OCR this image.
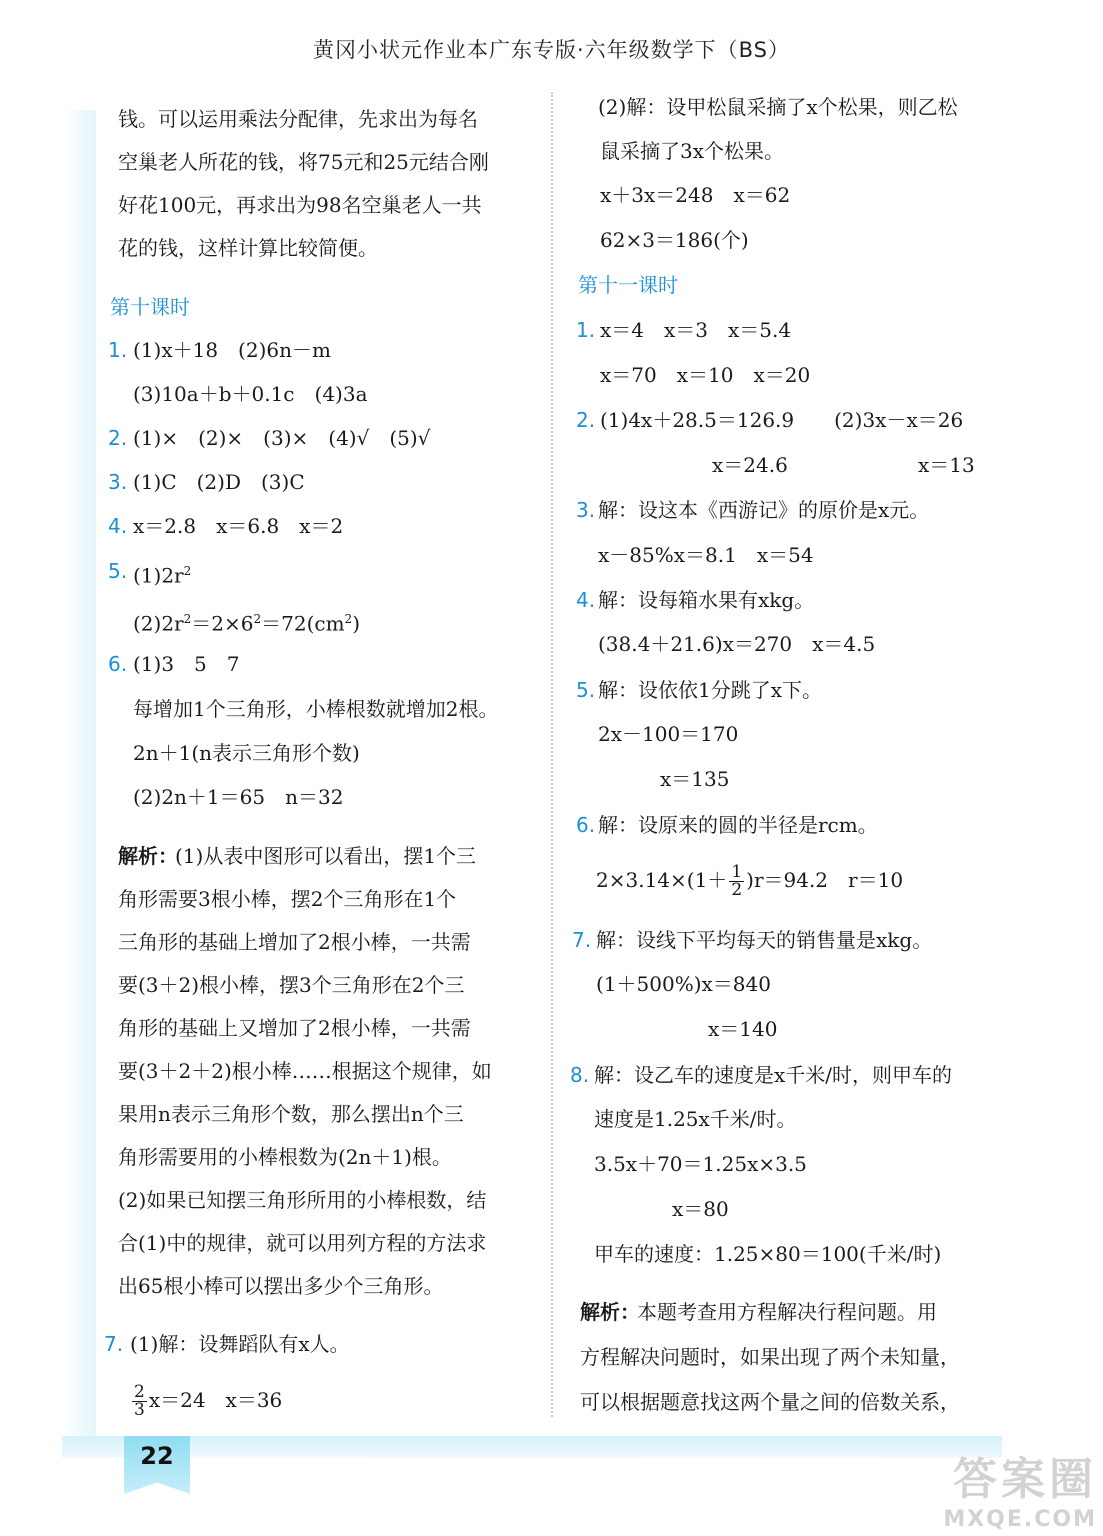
黄冈小状元作业本广东专版·六年级数学下（BS）
钱。可以运用乘法分配律，先求出为每名
空巢老人所花的钱，将75元和25元结合刚
好花100元，再求出为98名空巢老人一共
花的钱，这样计算比较简便。
第十课时
1. (1)x＋18　(2)6n－m
(3)10a＋b＋0.1c　(4)3a
2. (1)×　(2)×　(3)×　(4)√　(5)√
3. (1)C　(2)D　(3)C
4. x＝2.8　x＝6.8　x＝2
5. $(1)2r^2$
$(2)2r^2=2\times 6^2=72(cm^2)$
6. (1)3　5　7
每增加1个三角形，小棒根数就增加2根。
2n＋1(n表示三角形个数)
(2)2n＋1＝65　n＝32
解析：
(1)从表中图形可以看出，摆1个三
角形需要3根小棒，摆2个三角形在1个
三角形的基础上增加了2根小棒，一共需
要(3＋2)根小棒，摆3个三角形在2个三
角形的基础上又增加了2根小棒，一共需
要(3＋2＋2)根小棒……根据这个规律，如
果用n表示三角形个数，那么摆出n个三
角形需要用的小棒根数为(2n＋1)根。
(2)如果已知摆三角形所用的小棒根数，结
合(1)中的规律，就可以用列方程的方法求
出65根小棒可以摆出多少个三角形。
7. (1)解：设舞蹈队有x人。
$\frac{2}{3} x=24$　x＝36
(2)解：设甲松鼠采摘了x个松果，则乙松
鼠采摘了3x个松果。
x＋3x＝248　x＝62
62×3＝186(个)
第十一课时
1. x＝4　x＝3　x＝5.4
x＝70　x＝10　x＝20
2. (1)4x＋28.5＝126.9　　(2)3x－x＝26
x＝24.6	x＝13
3. 解：设这本《西游记》的原价是x元。
x－85%x＝8.1　x＝54
4. 解：设每箱水果有xkg。
(38.4＋21.6)x＝270　x＝4.5
5. 解：设依依1分跳了x下。
2x－100＝170
x＝135
6. 解：设原来的圆的半径是rcm。
$2\times 3.14\times(1+ \frac{1}{2} )r=94.2$　r＝10
7. 解：设线下平均每天的销售量是xkg。
(1＋500%)x＝840
x＝140
8. 解：设乙车的速度是x千米/时，则甲车的
速度是1.25x千米/时。
3.5x＋70＝1.25x×3.5
x＝80
甲车的速度：1.25×80＝100(千米/时)
解析：
本题考查用方程解决行程问题。用
方程解决问题时，如果出现了两个未知量，
可以根据题意找这两个量之间的倍数关系，
22	答案圈
MXQE.COM
